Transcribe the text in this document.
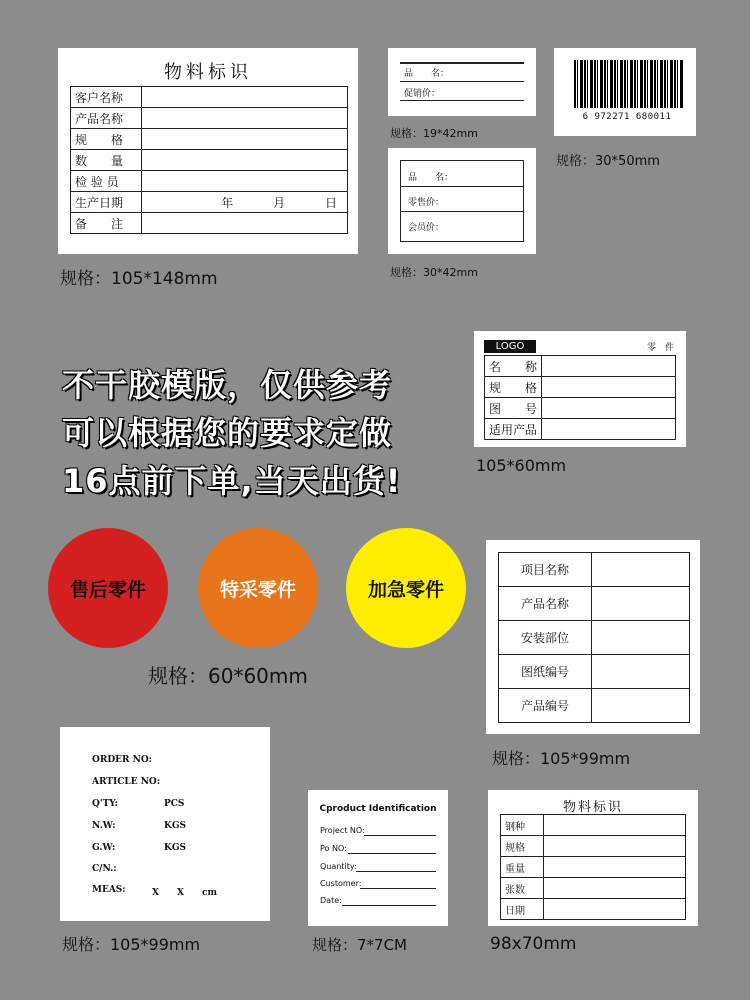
物料标识
客户名称	
产品名称	
规　　格	
数　　量	
检 验 员	
生产日期	年 月 日
备　　注	
规格：105*148mm
品　　名：
促销价：
规格：19*42mm
品　　名：
零售价：
会员价：
规格：30*42mm
6 972271 680011
规格：30*50mm
不干胶模版，仅供参考
可以根据您的要求定做
16点前下单,当天出货!
LOGO	零　件
名　　称	
规　　格	
图　　号	
适用产品	
105*60mm
售后零件	特采零件	加急零件
规格：60*60mm
项目名称	
产品名称	
安装部位	
图纸编号	
产品编号	
规格：105*99mm
ORDER NO:
ARTICLE NO:
Q'TY:	PCS
N.W:	KGS
G.W:	KGS
C/N.:
MEAS:	X　　X　　cm
规格：105*99mm
Cproduct Identification
Project NO:
Po NO:
Quantity:
Customer:
Date:
规格：7*7CM
物料标识
钢种	
规格	
重量	
张数	
日期	
98x70mm
